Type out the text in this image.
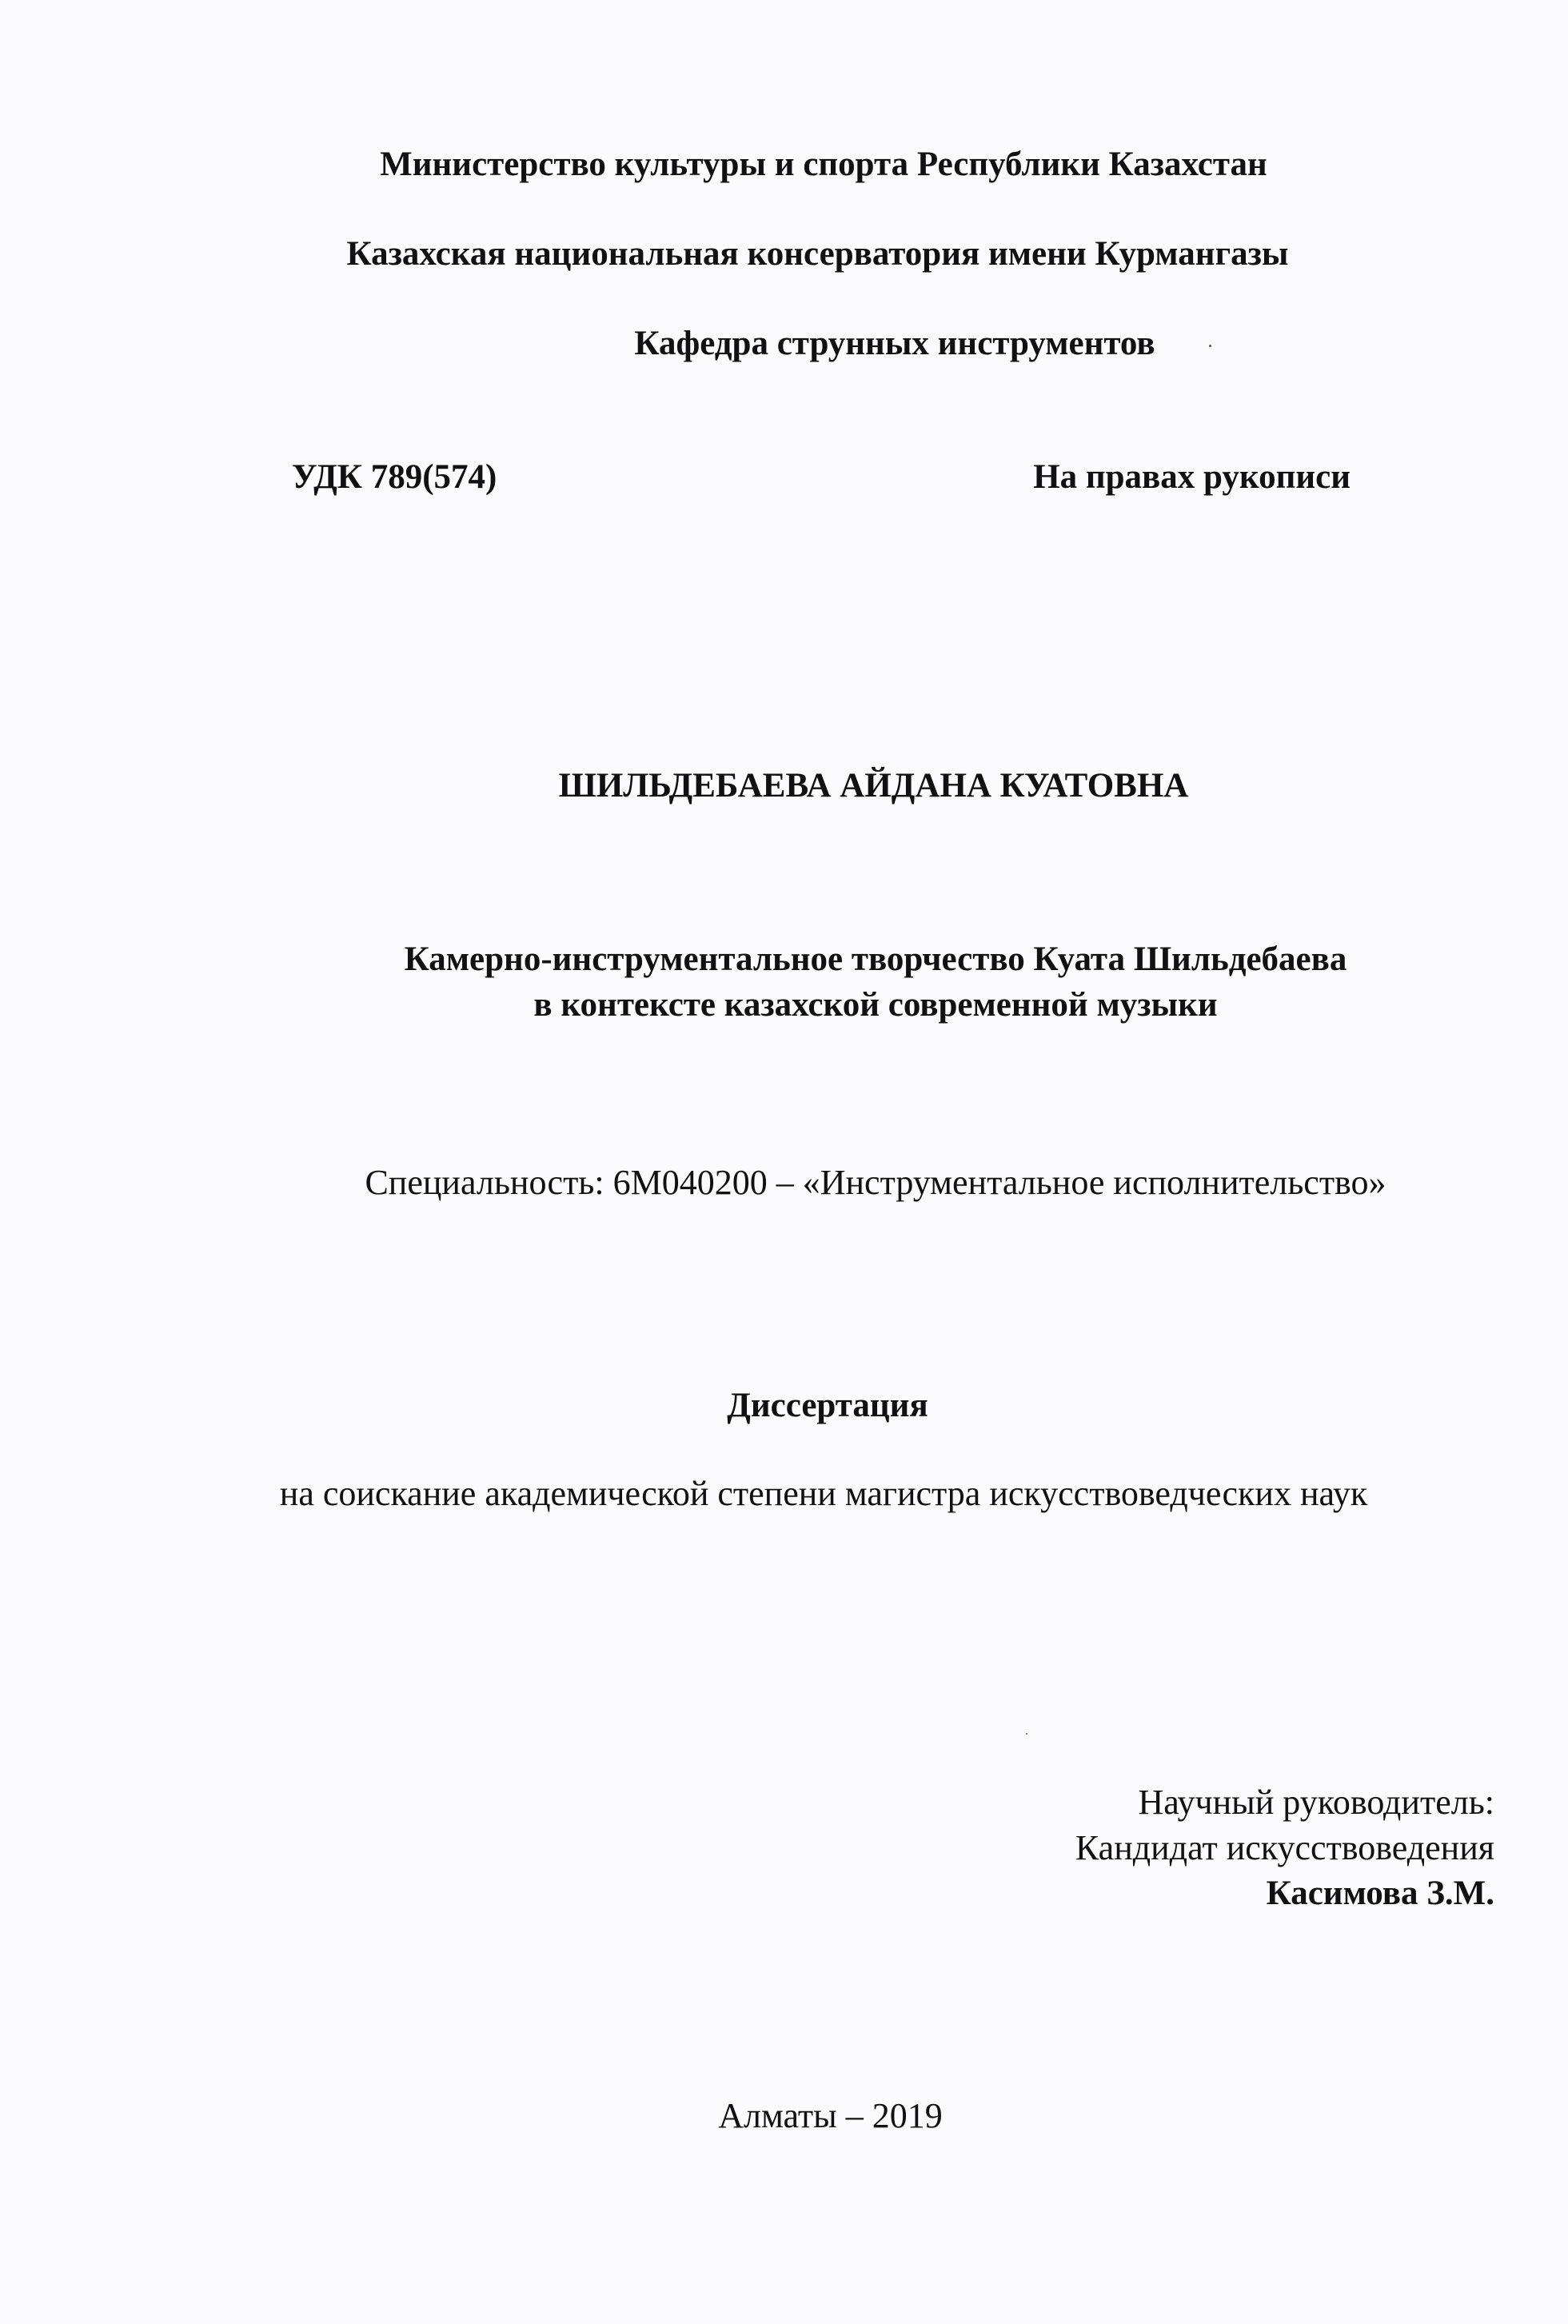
Министерство культуры и спорта Республики Казахстан
Казахская национальная консерватория имени Курмангазы
Кафедра струнных инструментов
УДК 789(574)	На правах рукописи
ШИЛЬДЕБАЕВА АЙДАНА КУАТОВНА
Камерно-инструментальное творчество Куата Шильдебаева
в контексте казахской современной музыки
Специальность: 6М040200 – «Инструментальное исполнительство»
Диссертация
на соискание академической степени магистра искусствоведческих наук
Научный руководитель:
Кандидат искусствоведения
Касимова З.М.
Алматы – 2019
